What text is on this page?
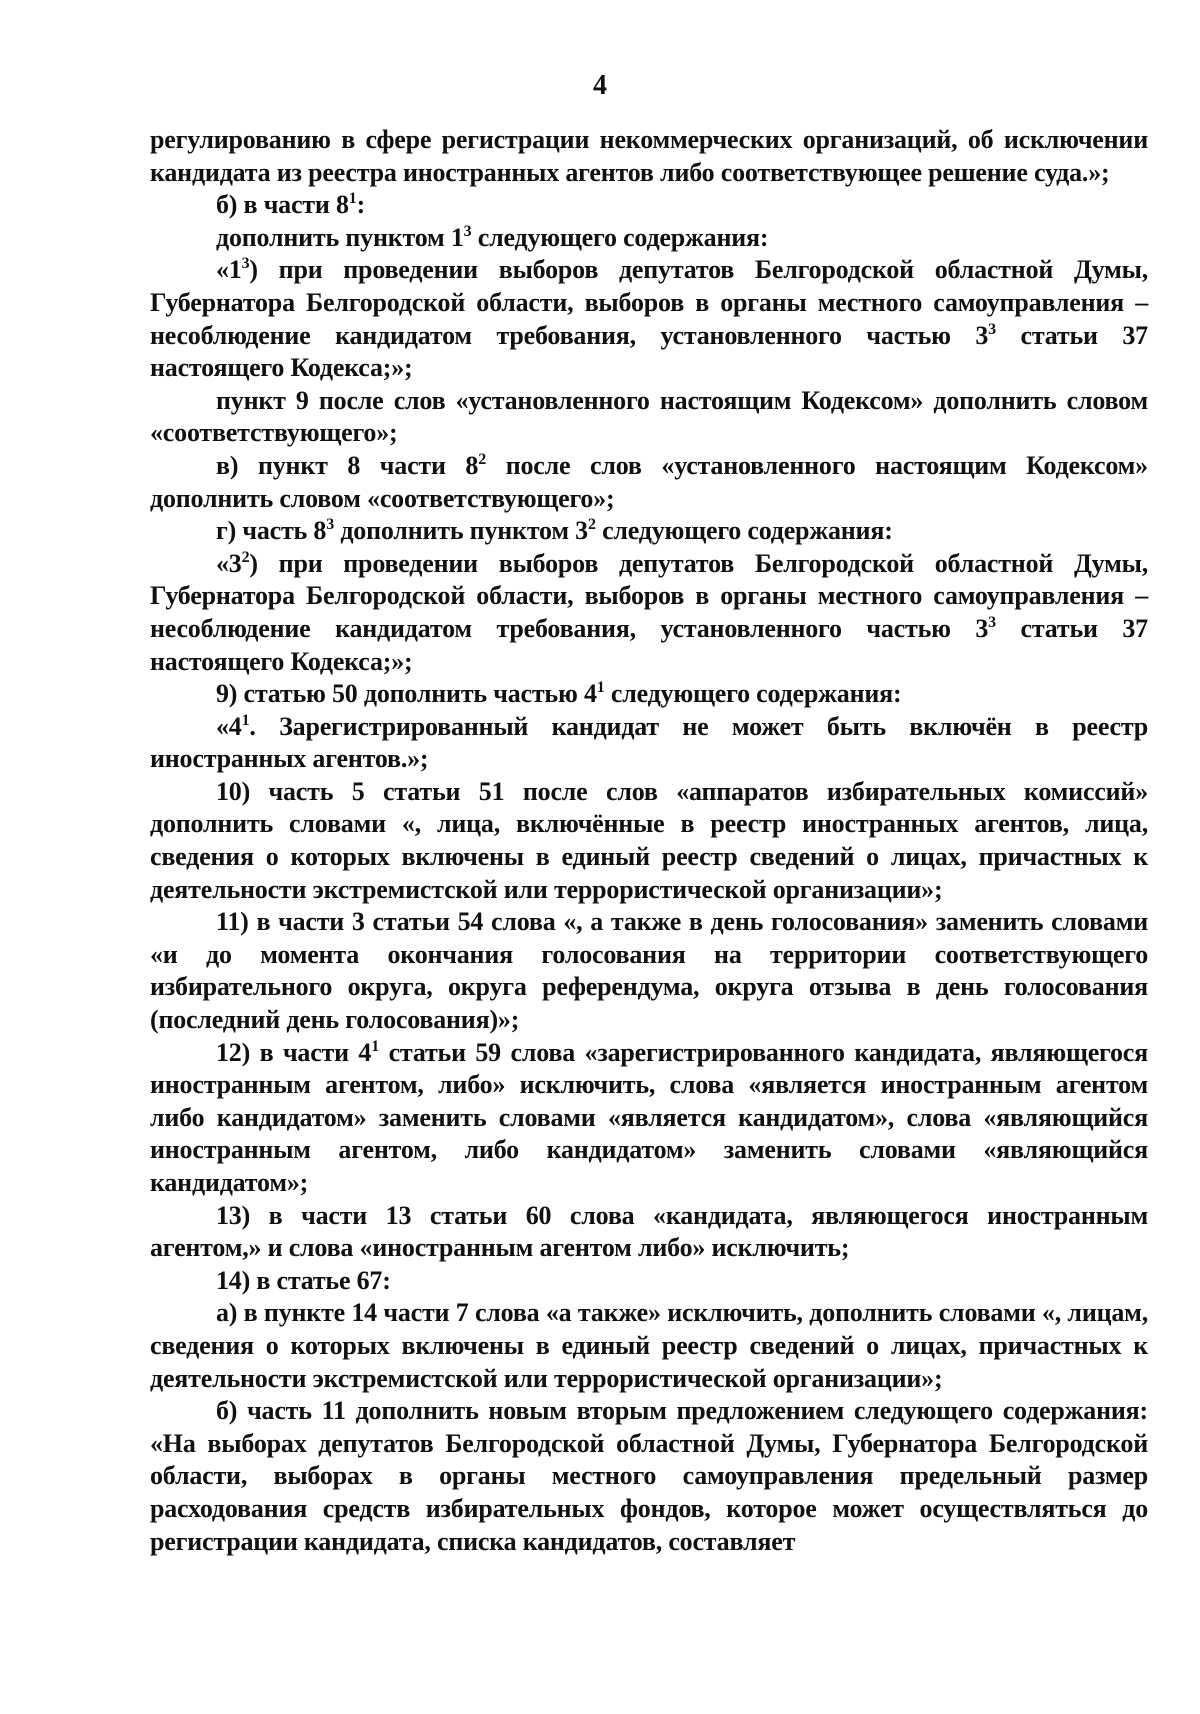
4

регулированию в сфере регистрации некоммерческих организаций, об исключении кандидата из реестра иностранных агентов либо соответствующее решение суда.»;

б) в части $8^1$:

дополнить пунктом $1^3$ следующего содержания:

«$1^3$) при проведении выборов депутатов Белгородской областной Думы, Губернатора Белгородской области, выборов в органы местного самоуправления – несоблюдение кандидатом требования, установленного частью $3^3$ статьи 37 настоящего Кодекса;»;

пункт 9 после слов «установленного настоящим Кодексом» дополнить словом «соответствующего»;

в) пункт 8 части $8^2$ после слов «установленного настоящим Кодексом» дополнить словом «соответствующего»;

г) часть $8^3$ дополнить пунктом $3^2$ следующего содержания:

«$3^2$) при проведении выборов депутатов Белгородской областной Думы, Губернатора Белгородской области, выборов в органы местного самоуправления – несоблюдение кандидатом требования, установленного частью $3^3$ статьи 37 настоящего Кодекса;»;

9) статью 50 дополнить частью $4^1$ следующего содержания:

«$4^1$. Зарегистрированный кандидат не может быть включён в реестр иностранных агентов.»;

10) часть 5 статьи 51 после слов «аппаратов избирательных комиссий» дополнить словами «, лица, включённые в реестр иностранных агентов, лица, сведения о которых включены в единый реестр сведений о лицах, причастных к деятельности экстремистской или террористической организации»;

11) в части 3 статьи 54 слова «, а также в день голосования» заменить словами «и до момента окончания голосования на территории соответствующего избирательного округа, округа референдума, округа отзыва в день голосования (последний день голосования)»;

12) в части $4^1$ статьи 59 слова «зарегистрированного кандидата, являющегося иностранным агентом, либо» исключить, слова «является иностранным агентом либо кандидатом» заменить словами «является кандидатом», слова «являющийся иностранным агентом, либо кандидатом» заменить словами «являющийся кандидатом»;

13) в части 13 статьи 60 слова «кандидата, являющегося иностранным агентом,» и слова «иностранным агентом либо» исключить;

14) в статье 67:

а) в пункте 14 части 7 слова «а также» исключить, дополнить словами «, лицам, сведения о которых включены в единый реестр сведений о лицах, причастных к деятельности экстремистской или террористической организации»;

б) часть 11 дополнить новым вторым предложением следующего содержания: «На выборах депутатов Белгородской областной Думы, Губернатора Белгородской области, выборах в органы местного самоуправления предельный размер расходования средств избирательных фондов, которое может осуществляться до регистрации кандидата, списка кандидатов, составляет
